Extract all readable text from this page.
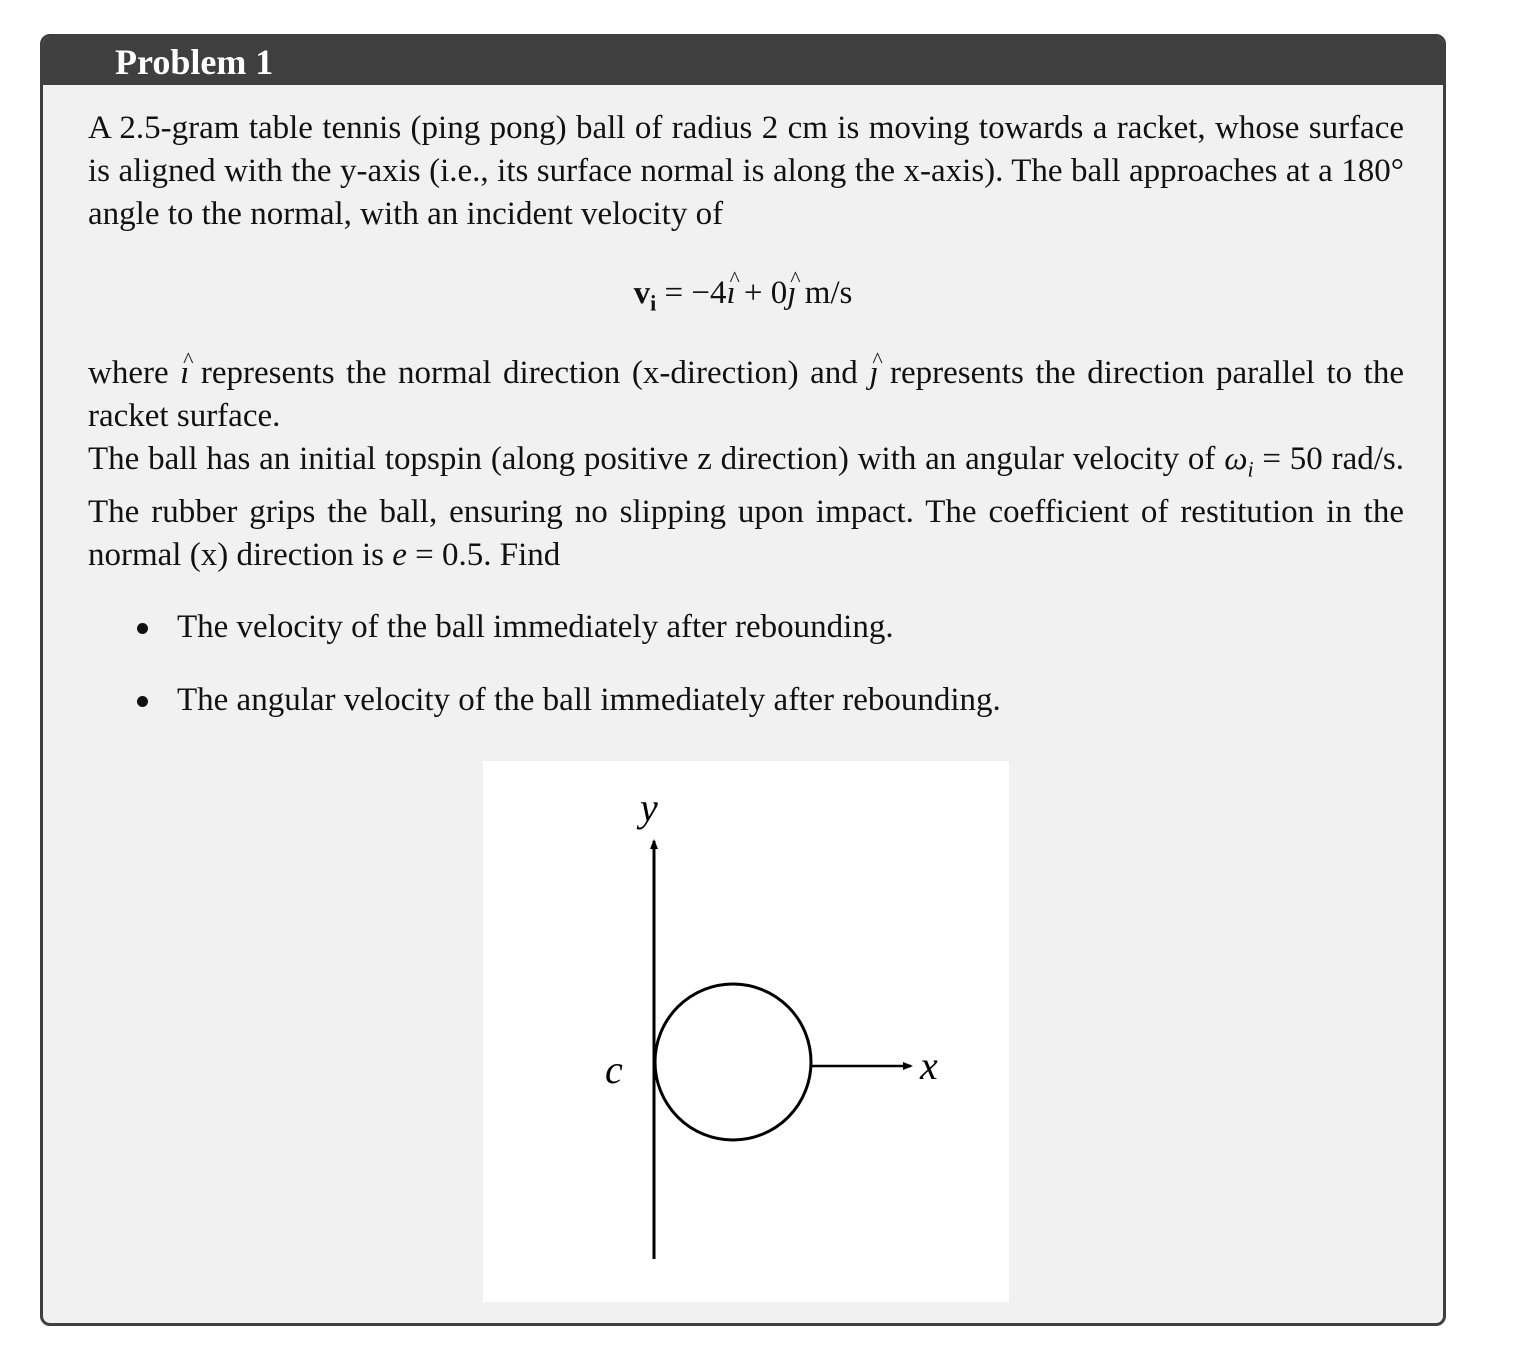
Problem 1
A 2.5-gram table tennis (ping pong) ball of radius 2 cm is moving towards a racket, whose surface is aligned with the y-axis (i.e., its surface normal is along the x-axis). The ball approaches at a 180° angle to the normal, with an incident velocity of
$v_i$ = −4^ ı + 0^ ȷ m/s
where ^ ı represents the normal direction (x-direction) and ^ ȷ represents the direction parallel to the racket surface.
The ball has an initial topspin (along positive z direction) with an angular velocity of $\omega_i = 50$ rad/s. The rubber grips the ball, ensuring no slipping upon impact. The coefficient of restitution in the normal (x) direction is e = 0.5. Find
The velocity of the ball immediately after rebounding.
The angular velocity of the ball immediately after rebounding.
y
x
c
